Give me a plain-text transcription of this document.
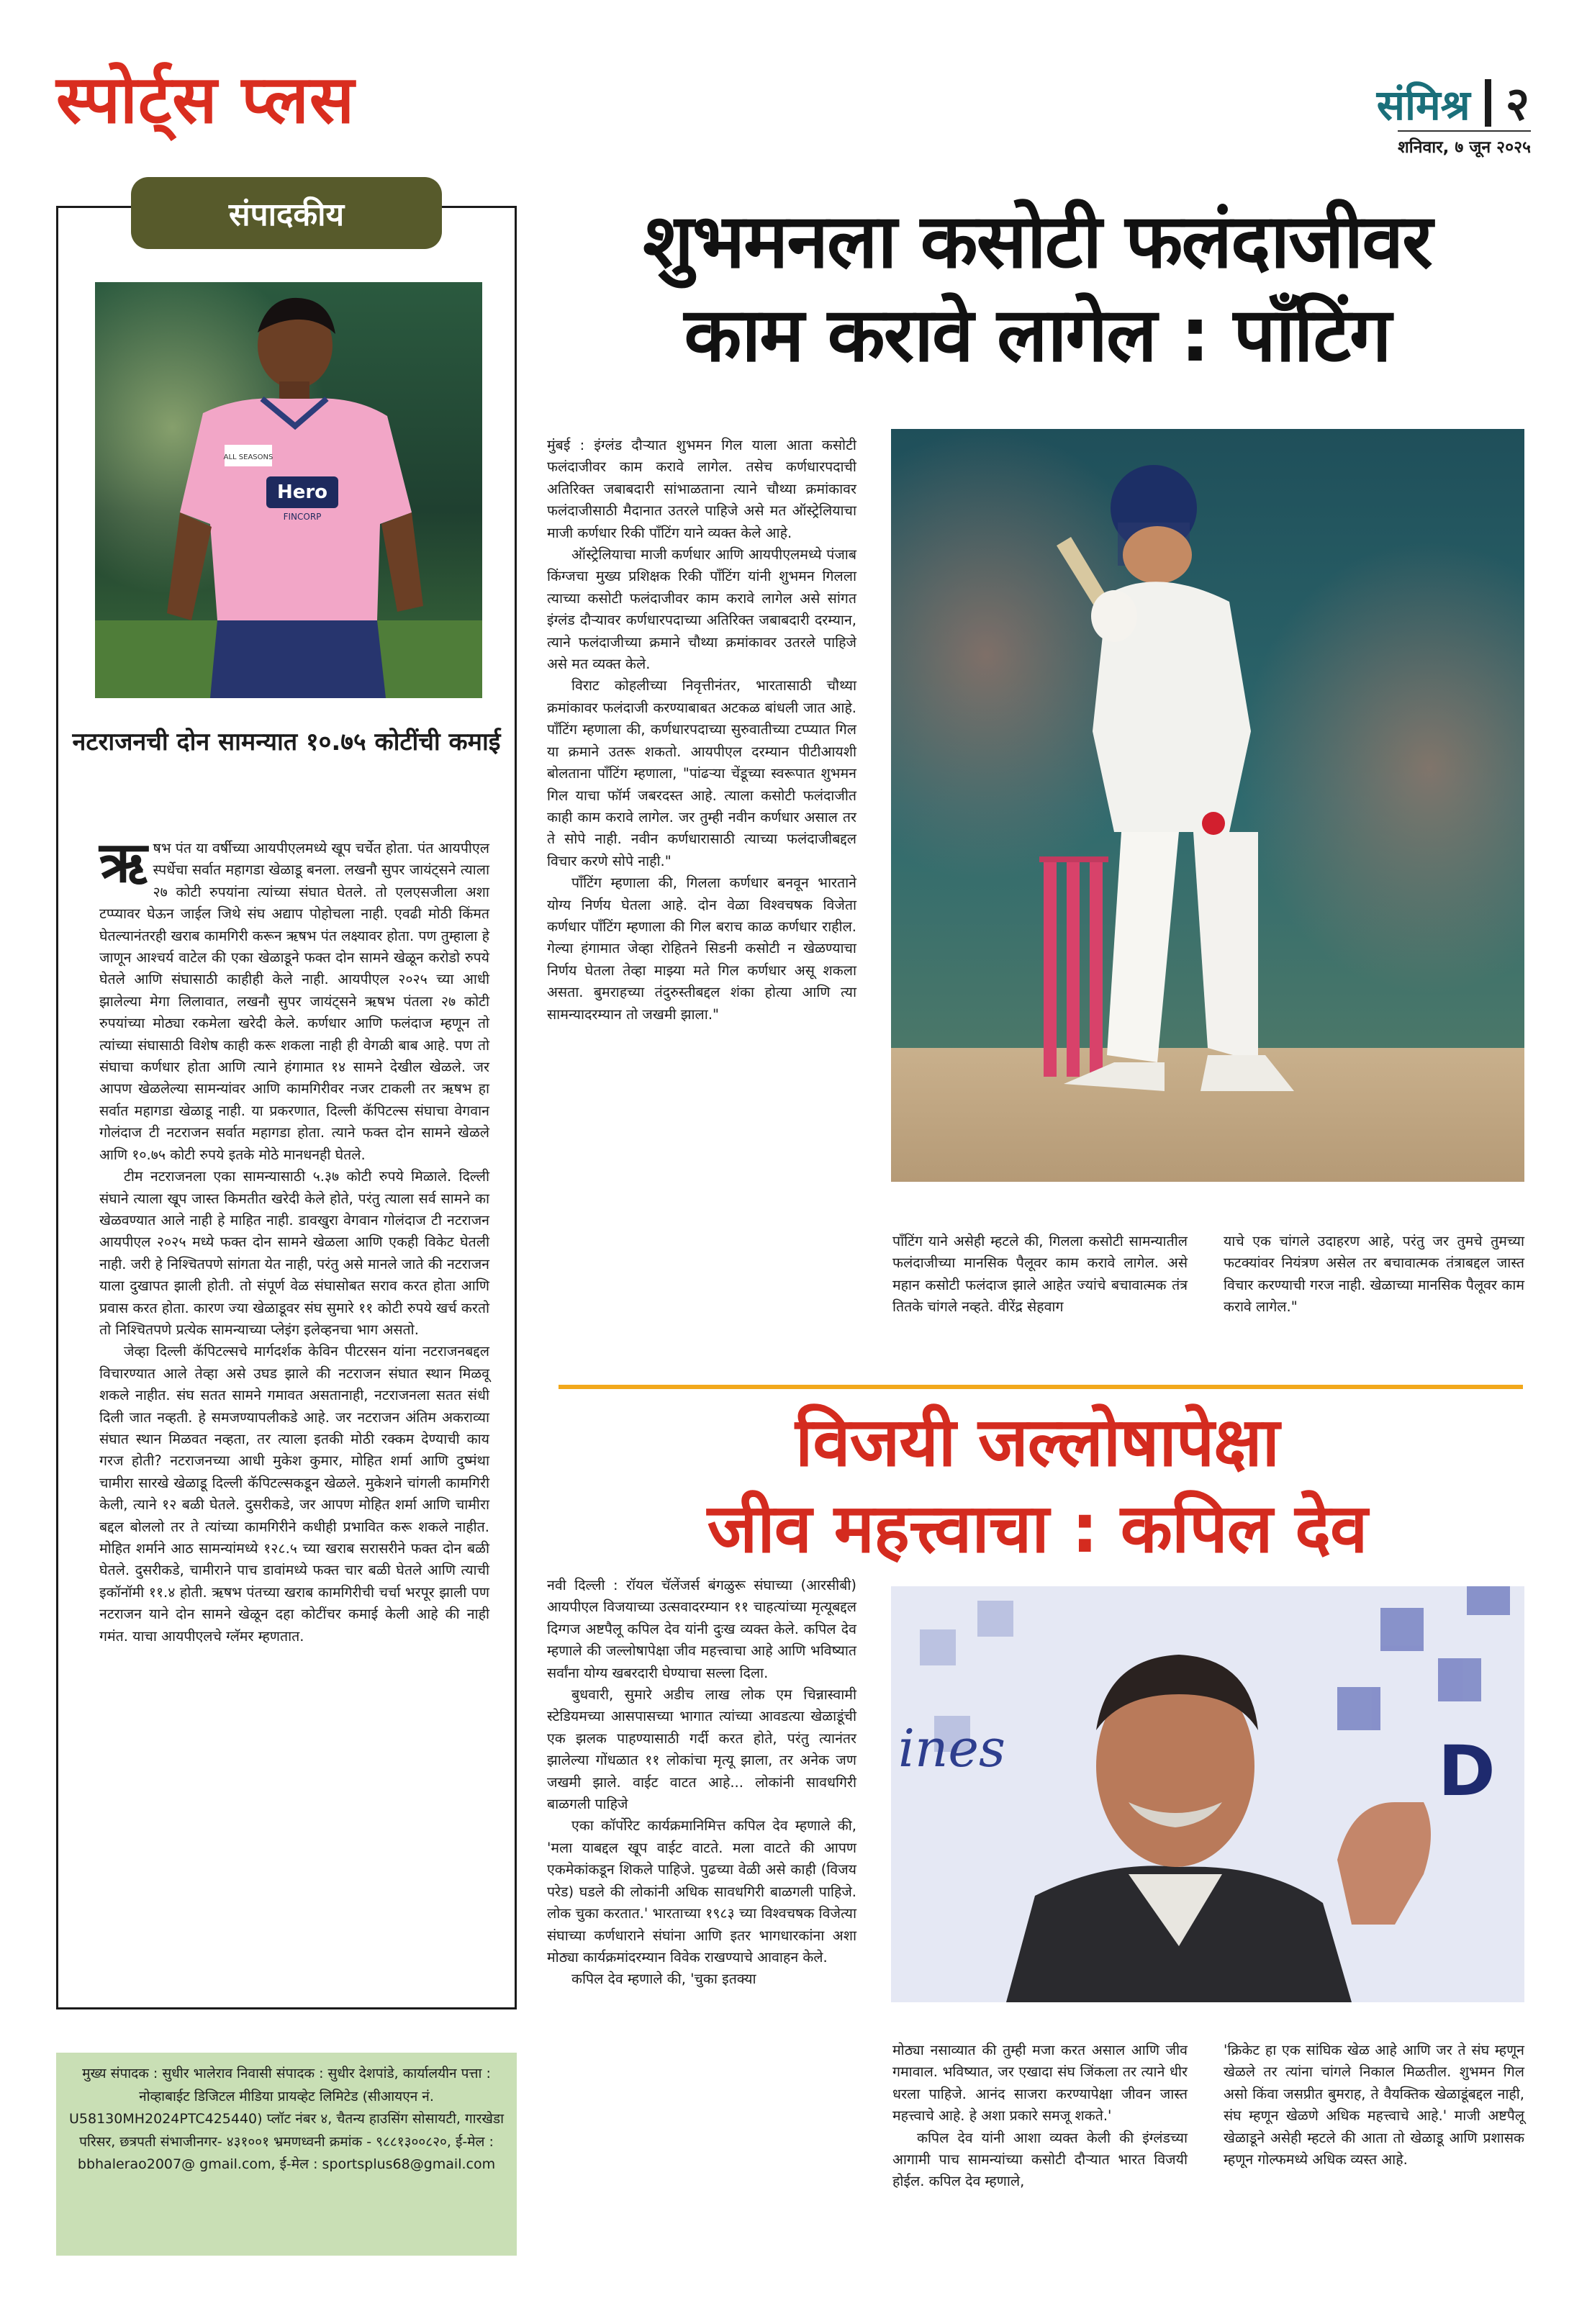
स्पोर्ट्स प्लस	संमिश्र २
शनिवार, ७ जून २०२५
संपादकीय
Hero
FINCORP
ALL SEASONS
नटराजनची दोन सामन्यात १०.७५ कोटींची कमाई

ऋषभ पंत या वर्षीच्या आयपीएलमध्ये खूप चर्चेत होता. पंत आयपीएल स्पर्धेचा सर्वात महागडा खेळाडू बनला. लखनौ सुपर जायंट्सने त्याला २७ कोटी रुपयांना त्यांच्या संघात घेतले. तो एलएसजीला अशा टप्प्यावर घेऊन जाईल जिथे संघ अद्याप पोहोचला नाही. एवढी मोठी किंमत घेतल्यानंतरही खराब कामगिरी करून ऋषभ पंत लक्ष्यावर होता. पण तुम्हाला हे जाणून आश्चर्य वाटेल की एका खेळाडूने फक्त दोन सामने खेळून करोडो रुपये घेतले आणि संघासाठी काहीही केले नाही. आयपीएल २०२५ च्या आधी झालेल्या मेगा लिलावात, लखनौ सुपर जायंट्सने ऋषभ पंतला २७ कोटी रुपयांच्या मोठ्या रकमेला खरेदी केले. कर्णधार आणि फलंदाज म्हणून तो त्यांच्या संघासाठी विशेष काही करू शकला नाही ही वेगळी बाब आहे. पण तो संघाचा कर्णधार होता आणि त्याने हंगामात १४ सामने देखील खेळले. जर आपण खेळलेल्या सामन्यांवर आणि कामगिरीवर नजर टाकली तर ऋषभ हा सर्वात महागडा खेळाडू नाही. या प्रकरणात, दिल्ली कॅपिटल्स संघाचा वेगवान गोलंदाज टी नटराजन सर्वात महागडा होता. त्याने फक्त दोन सामने खेळले आणि १०.७५ कोटी रुपये इतके मोठे मानधनही घेतले.

टीम नटराजनला एका सामन्यासाठी ५.३७ कोटी रुपये मिळाले. दिल्ली संघाने त्याला खूप जास्त किमतीत खरेदी केले होते, परंतु त्याला सर्व सामने का खेळवण्यात आले नाही हे माहित नाही. डावखुरा वेगवान गोलंदाज टी नटराजन आयपीएल २०२५ मध्ये फक्त दोन सामने खेळला आणि एकही विकेट घेतली नाही. जरी हे निश्चितपणे सांगता येत नाही, परंतु असे मानले जाते की नटराजन याला दुखापत झाली होती. तो संपूर्ण वेळ संघासोबत सराव करत होता आणि प्रवास करत होता. कारण ज्या खेळाडूवर संघ सुमारे ११ कोटी रुपये खर्च करतो तो निश्चितपणे प्रत्येक सामन्याच्या प्लेइंग इलेव्हनचा भाग असतो.

जेव्हा दिल्ली कॅपिटल्सचे मार्गदर्शक केविन पीटरसन यांना नटराजनबद्दल विचारण्यात आले तेव्हा असे उघड झाले की नटराजन संघात स्थान मिळवू शकले नाहीत. संघ सतत सामने गमावत असतानाही, नटराजनला सतत संधी दिली जात नव्हती. हे समजण्यापलीकडे आहे. जर नटराजन अंतिम अकराव्या संघात स्थान मिळवत नव्हता, तर त्याला इतकी मोठी रक्कम देण्याची काय गरज होती? नटराजनच्या आधी मुकेश कुमार, मोहित शर्मा आणि दुष्मंथा चामीरा सारखे खेळाडू दिल्ली कॅपिटल्सकडून खेळले. मुकेशने चांगली कामगिरी केली, त्याने १२ बळी घेतले. दुसरीकडे, जर आपण मोहित शर्मा आणि चामीरा बद्दल बोललो तर ते त्यांच्या कामगिरीने कधीही प्रभावित करू शकले नाहीत. मोहित शर्माने आठ सामन्यांमध्ये १२८.५ च्या खराब सरासरीने फक्त दोन बळी घेतले. दुसरीकडे, चामीराने पाच डावांमध्ये फक्त चार बळी घेतले आणि त्याची इकॉनॉमी ११.४ होती. ऋषभ पंतच्या खराब कामगिरीची चर्चा भरपूर झाली पण नटराजन याने दोन सामने खेळून दहा कोटींचर कमाई केली आहे की नाही गमंत. याचा आयपीएलचे ग्लॅमर म्हणतात.

मुख्य संपादक : सुधीर भालेराव निवासी संपादक : सुधीर देशपांडे, कार्यालयीन पत्ता : नोव्हाबाईट डिजिटल मीडिया प्रायव्हेट लिमिटेड (सीआयएन नं. U58130MH2024PTC425440) प्लॉट नंबर ४, चैतन्य हाउसिंग सोसायटी, गारखेडा परिसर, छत्रपती संभाजीनगर- ४३१००१ भ्रमणध्वनी क्रमांक - ९८८१३००८२०, ई-मेल : bbhalerao2007@ gmail.com, ई-मेल : sportsplus68@gmail.com
शुभमनला कसोटी फलंदाजीवर
काम करावे लागेल : पॉंटिंग

मुंबई : इंग्लंड दौऱ्यात शुभमन गिल याला आता कसोटी फलंदाजीवर काम करावे लागेल. तसेच कर्णधारपदाची अतिरिक्त जबाबदारी सांभाळताना त्याने चौथ्या क्रमांकावर फलंदाजीसाठी मैदानात उतरले पाहिजे असे मत ऑस्ट्रेलियाचा माजी कर्णधार रिकी पॉंटिंग याने व्यक्त केले आहे.

ऑस्ट्रेलियाचा माजी कर्णधार आणि आयपीएलमध्ये पंजाब किंग्जचा मुख्य प्रशिक्षक रिकी पॉंटिंग यांनी शुभमन गिलला त्याच्या कसोटी फलंदाजीवर काम करावे लागेल असे सांगत इंग्लंड दौऱ्यावर कर्णधारपदाच्या अतिरिक्त जबाबदारी दरम्यान, त्याने फलंदाजीच्या क्रमाने चौथ्या क्रमांकावर उतरले पाहिजे असे मत व्यक्त केले.

विराट कोहलीच्या निवृत्तीनंतर, भारतासाठी चौथ्या क्रमांकावर फलंदाजी करण्याबाबत अटकळ बांधली जात आहे. पॉंटिंग म्हणाला की, कर्णधारपदाच्या सुरुवातीच्या टप्प्यात गिल या क्रमाने उतरू शकतो. आयपीएल दरम्यान पीटीआयशी बोलताना पॉंटिंग म्हणाला, "पांढऱ्या चेंडूच्या स्वरूपात शुभमन गिल याचा फॉर्म जबरदस्त आहे. त्याला कसोटी फलंदाजीत काही काम करावे लागेल. जर तुम्ही नवीन कर्णधार असाल तर ते सोपे नाही. नवीन कर्णधारासाठी त्याच्या फलंदाजीबद्दल विचार करणे सोपे नाही."

पॉंटिंग म्हणाला की, गिलला कर्णधार बनवून भारताने योग्य निर्णय घेतला आहे. दोन वेळा विश्वचषक विजेता कर्णधार पॉंटिंग म्हणाला की गिल बराच काळ कर्णधार राहील. गेल्या हंगामात जेव्हा रोहितने सिडनी कसोटी न खेळण्याचा निर्णय घेतला तेव्हा माझ्या मते गिल कर्णधार असू शकला असता. बुमराहच्या तंदुरुस्तीबद्दल शंका होत्या आणि त्या सामन्यादरम्यान तो जखमी झाला."

पॉंटिंग याने असेही म्हटले की, गिलला कसोटी सामन्यातील फलंदाजीच्या मानसिक पैलूवर काम करावे लागेल. असे महान कसोटी फलंदाज झाले आहेत ज्यांचे बचावात्मक तंत्र तितके चांगले नव्हते. वीरेंद्र सेहवाग

याचे एक चांगले उदाहरण आहे, परंतु जर तुमचे तुमच्या फटक्यांवर नियंत्रण असेल तर बचावात्मक तंत्राबद्दल जास्त विचार करण्याची गरज नाही. खेळाच्या मानसिक पैलूवर काम करावे लागेल."

विजयी जल्लोषापेक्षा
जीव महत्त्वाचा : कपिल देव

नवी दिल्ली : रॉयल चॅलेंजर्स बंगळुरू संघाच्या (आरसीबी) आयपीएल विजयाच्या उत्सवादरम्यान ११ चाहत्यांच्या मृत्यूबद्दल दिग्गज अष्टपैलू कपिल देव यांनी दुःख व्यक्त केले. कपिल देव म्हणाले की जल्लोषापेक्षा जीव महत्त्वाचा आहे आणि भविष्यात सर्वांना योग्य खबरदारी घेण्याचा सल्ला दिला.

बुधवारी, सुमारे अडीच लाख लोक एम चिन्नास्वामी स्टेडियमच्या आसपासच्या भागात त्यांच्या आवडत्या खेळाडूंची एक झलक पाहण्यासाठी गर्दी करत होते, परंतु त्यानंतर झालेल्या गोंधळात ११ लोकांचा मृत्यू झाला, तर अनेक जण जखमी झाले. वाईट वाटत आहे... लोकांनी सावधगिरी बाळगली पाहिजे

एका कॉर्पोरेट कार्यक्रमानिमित्त कपिल देव म्हणाले की, 'मला याबद्दल खूप वाईट वाटते. मला वाटते की आपण एकमेकांकडून शिकले पाहिजे. पुढच्या वेळी असे काही (विजय परेड) घडले की लोकांनी अधिक सावधगिरी बाळगली पाहिजे. लोक चुका करतात.' भारताच्या १९८३ च्या विश्वचषक विजेत्या संघाच्या कर्णधाराने संघांना आणि इतर भागधारकांना अशा मोठ्या कार्यक्रमांदरम्यान विवेक राखण्याचे आवाहन केले.

कपिल देव म्हणाले की, 'चुका इतक्या

ines	D

मोठ्या नसाव्यात की तुम्ही मजा करत असाल आणि जीव गमावाल. भविष्यात, जर एखादा संघ जिंकला तर त्याने धीर धरला पाहिजे. आनंद साजरा करण्यापेक्षा जीवन जास्त महत्त्वाचे आहे. हे अशा प्रकारे समजू शकते.'

कपिल देव यांनी आशा व्यक्त केली की इंग्लंडच्या आगामी पाच सामन्यांच्या कसोटी दौऱ्यात भारत विजयी होईल. कपिल देव म्हणाले,

'क्रिकेट हा एक सांघिक खेळ आहे आणि जर ते संघ म्हणून खेळले तर त्यांना चांगले निकाल मिळतील. शुभमन गिल असो किंवा जसप्रीत बुमराह, ते वैयक्तिक खेळाडूंबद्दल नाही, संघ म्हणून खेळणे अधिक महत्त्वाचे आहे.' माजी अष्टपैलू खेळाडूने असेही म्हटले की आता तो खेळाडू आणि प्रशासक म्हणून गोल्फमध्ये अधिक व्यस्त आहे.
